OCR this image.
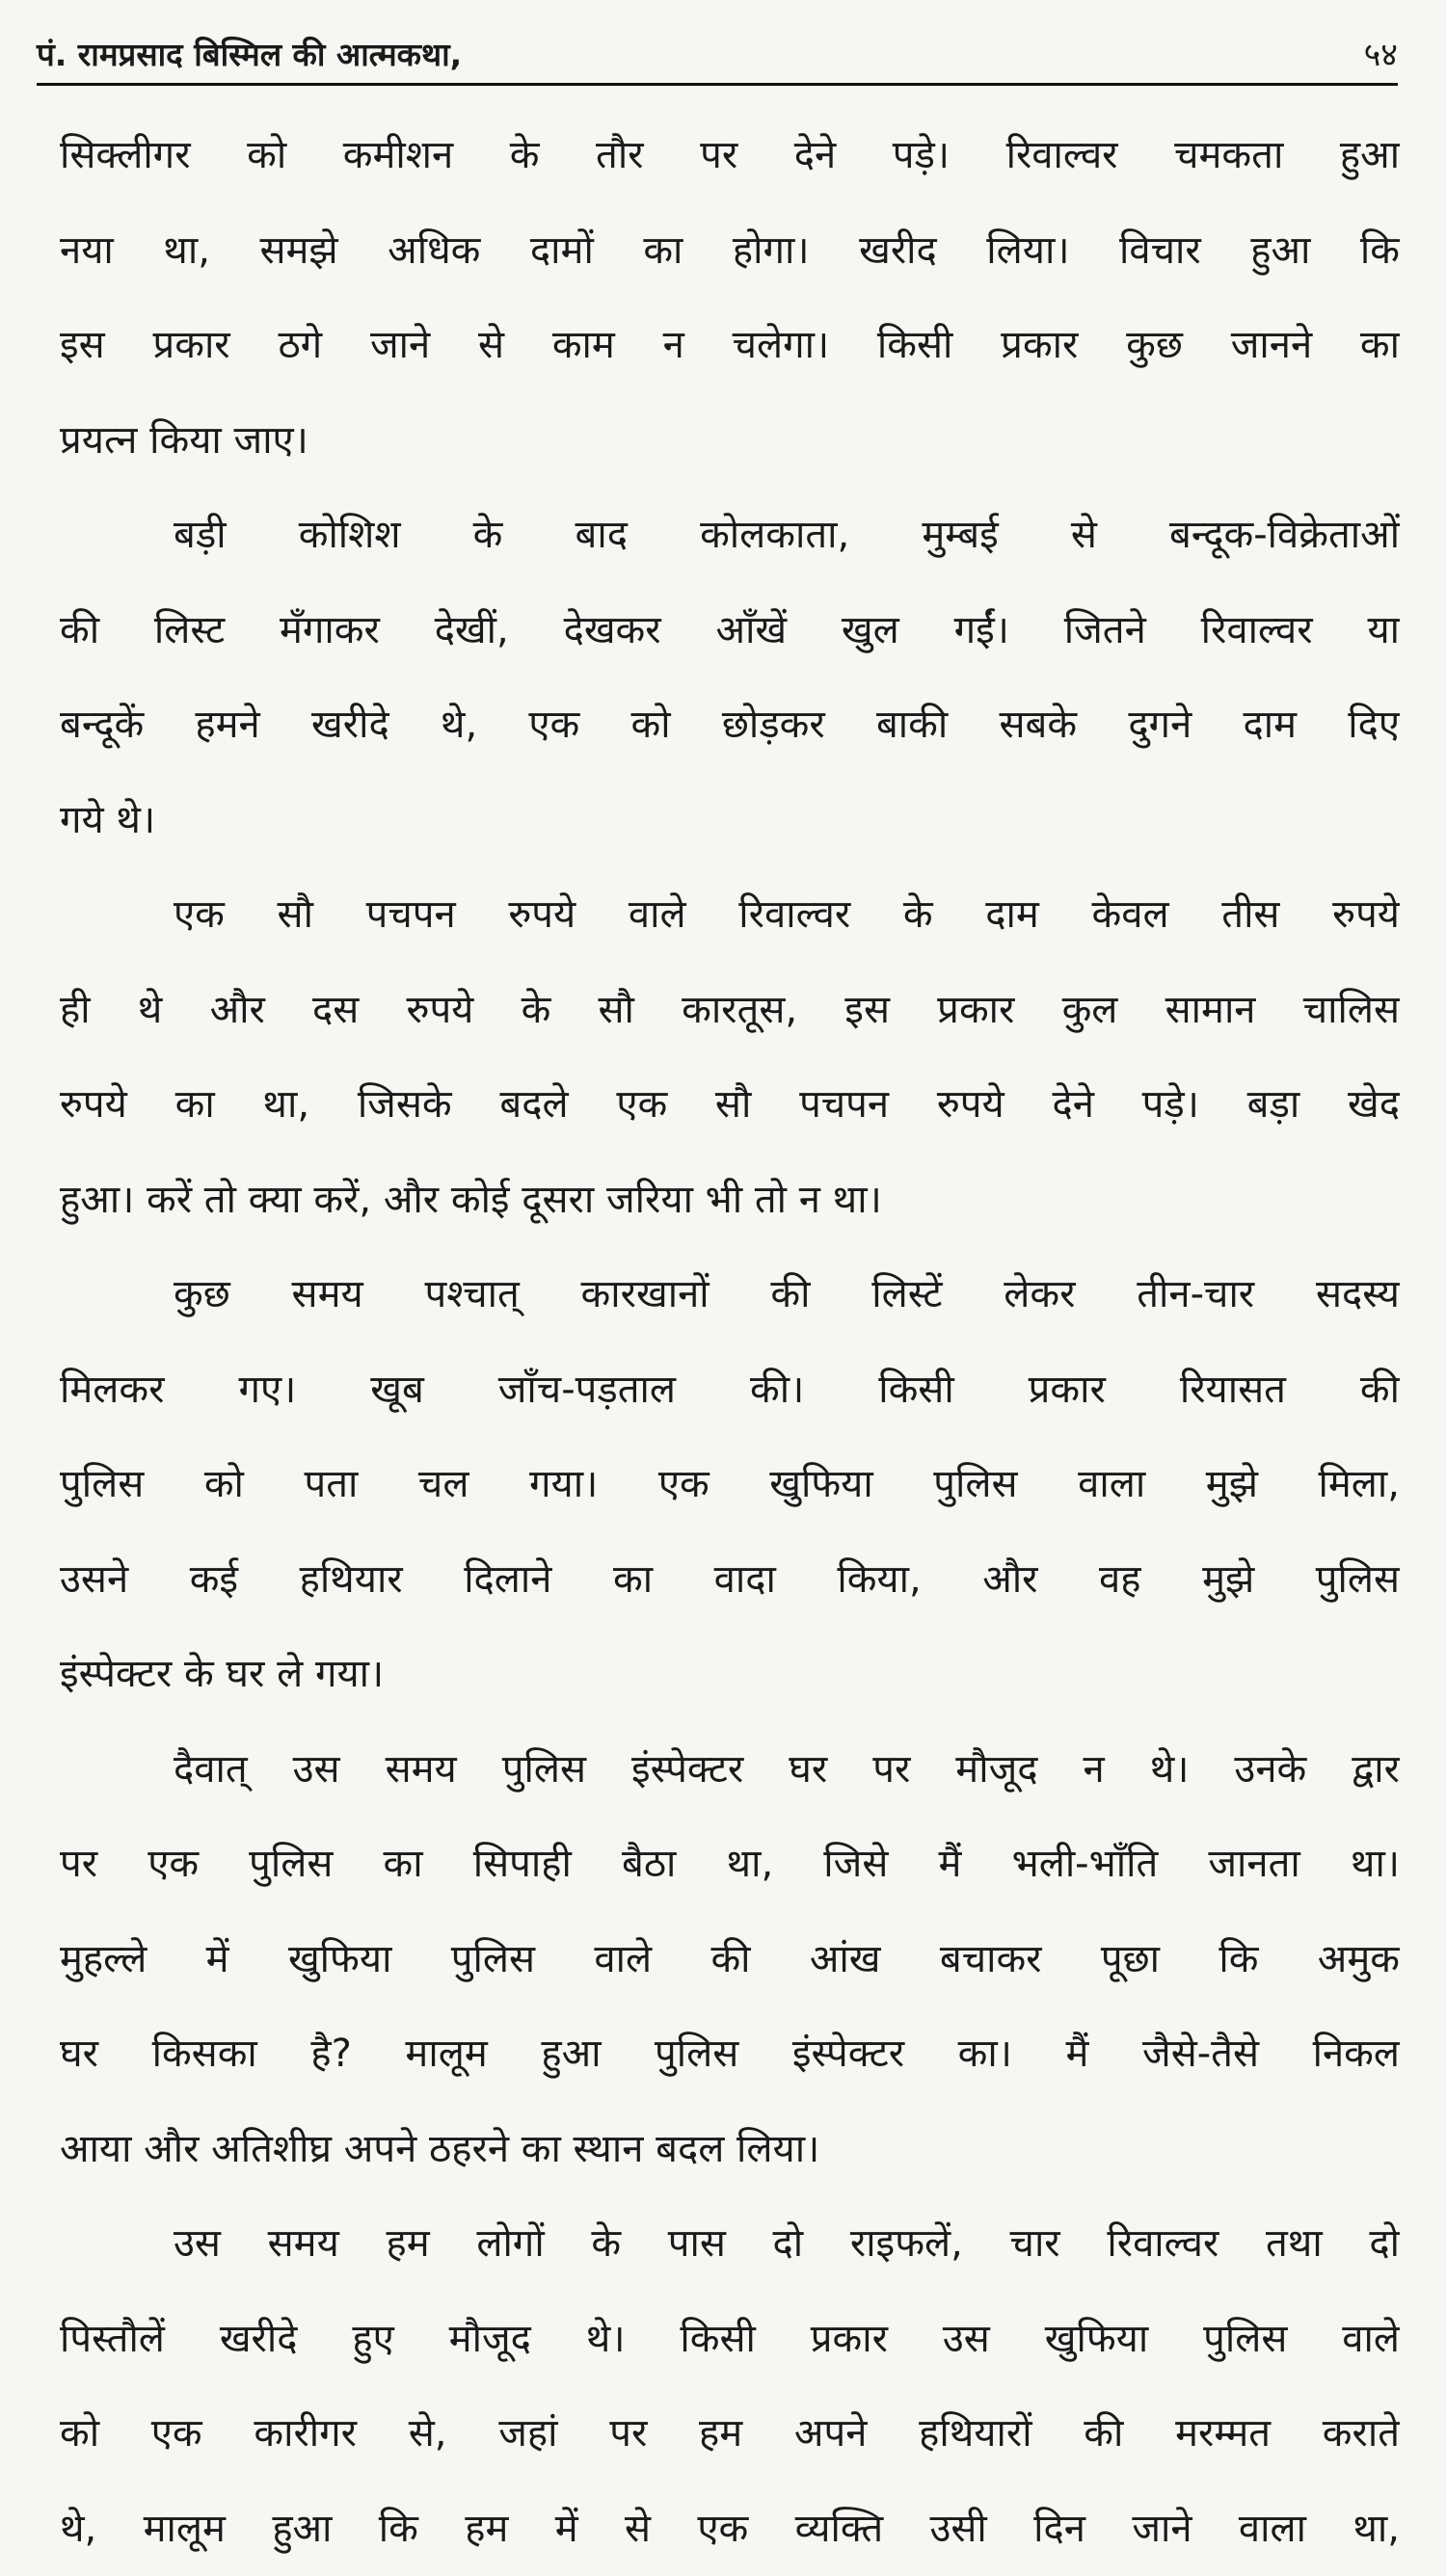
पं. रामप्रसाद बिस्मिल की आत्मकथा,	५४
सिक्लीगर को कमीशन के तौर पर देने पड़े। रिवाल्वर चमकता हुआ
नया था, समझे अधिक दामों का होगा। खरीद लिया। विचार हुआ कि
इस प्रकार ठगे जाने से काम न चलेगा। किसी प्रकार कुछ जानने का
प्रयत्न किया जाए।
बड़ी कोशिश के बाद कोलकाता, मुम्बई से बन्दूक-विक्रेताओं
की लिस्ट मँगाकर देखीं, देखकर आँखें खुल गईं। जितने रिवाल्वर या
बन्दूकें हमने खरीदे थे, एक को छोड़कर बाकी सबके दुगने दाम दिए
गये थे।
एक सौ पचपन रुपये वाले रिवाल्वर के दाम केवल तीस रुपये
ही थे और दस रुपये के सौ कारतूस, इस प्रकार कुल सामान चालिस
रुपये का था, जिसके बदले एक सौ पचपन रुपये देने पड़े। बड़ा खेद
हुआ। करें तो क्या करें, और कोई दूसरा जरिया भी तो न था।
कुछ समय पश्चात् कारखानों की लिस्टें लेकर तीन-चार सदस्य
मिलकर गए। खूब जाँच-पड़ताल की। किसी प्रकार रियासत की
पुलिस को पता चल गया। एक खुफिया पुलिस वाला मुझे मिला,
उसने कई हथियार दिलाने का वादा किया, और वह मुझे पुलिस
इंस्पेक्टर के घर ले गया।
दैवात् उस समय पुलिस इंस्पेक्टर घर पर मौजूद न थे। उनके द्वार
पर एक पुलिस का सिपाही बैठा था, जिसे मैं भली-भाँति जानता था।
मुहल्ले में खुफिया पुलिस वाले की आंख बचाकर पूछा कि अमुक
घर किसका है? मालूम हुआ पुलिस इंस्पेक्टर का। मैं जैसे-तैसे निकल
आया और अतिशीघ्र अपने ठहरने का स्थान बदल लिया।
उस समय हम लोगों के पास दो राइफलें, चार रिवाल्वर तथा दो
पिस्तौलें खरीदे हुए मौजूद थे। किसी प्रकार उस खुफिया पुलिस वाले
को एक कारीगर से, जहां पर हम अपने हथियारों की मरम्मत कराते
थे, मालूम हुआ कि हम में से एक व्यक्ति उसी दिन जाने वाला था,
